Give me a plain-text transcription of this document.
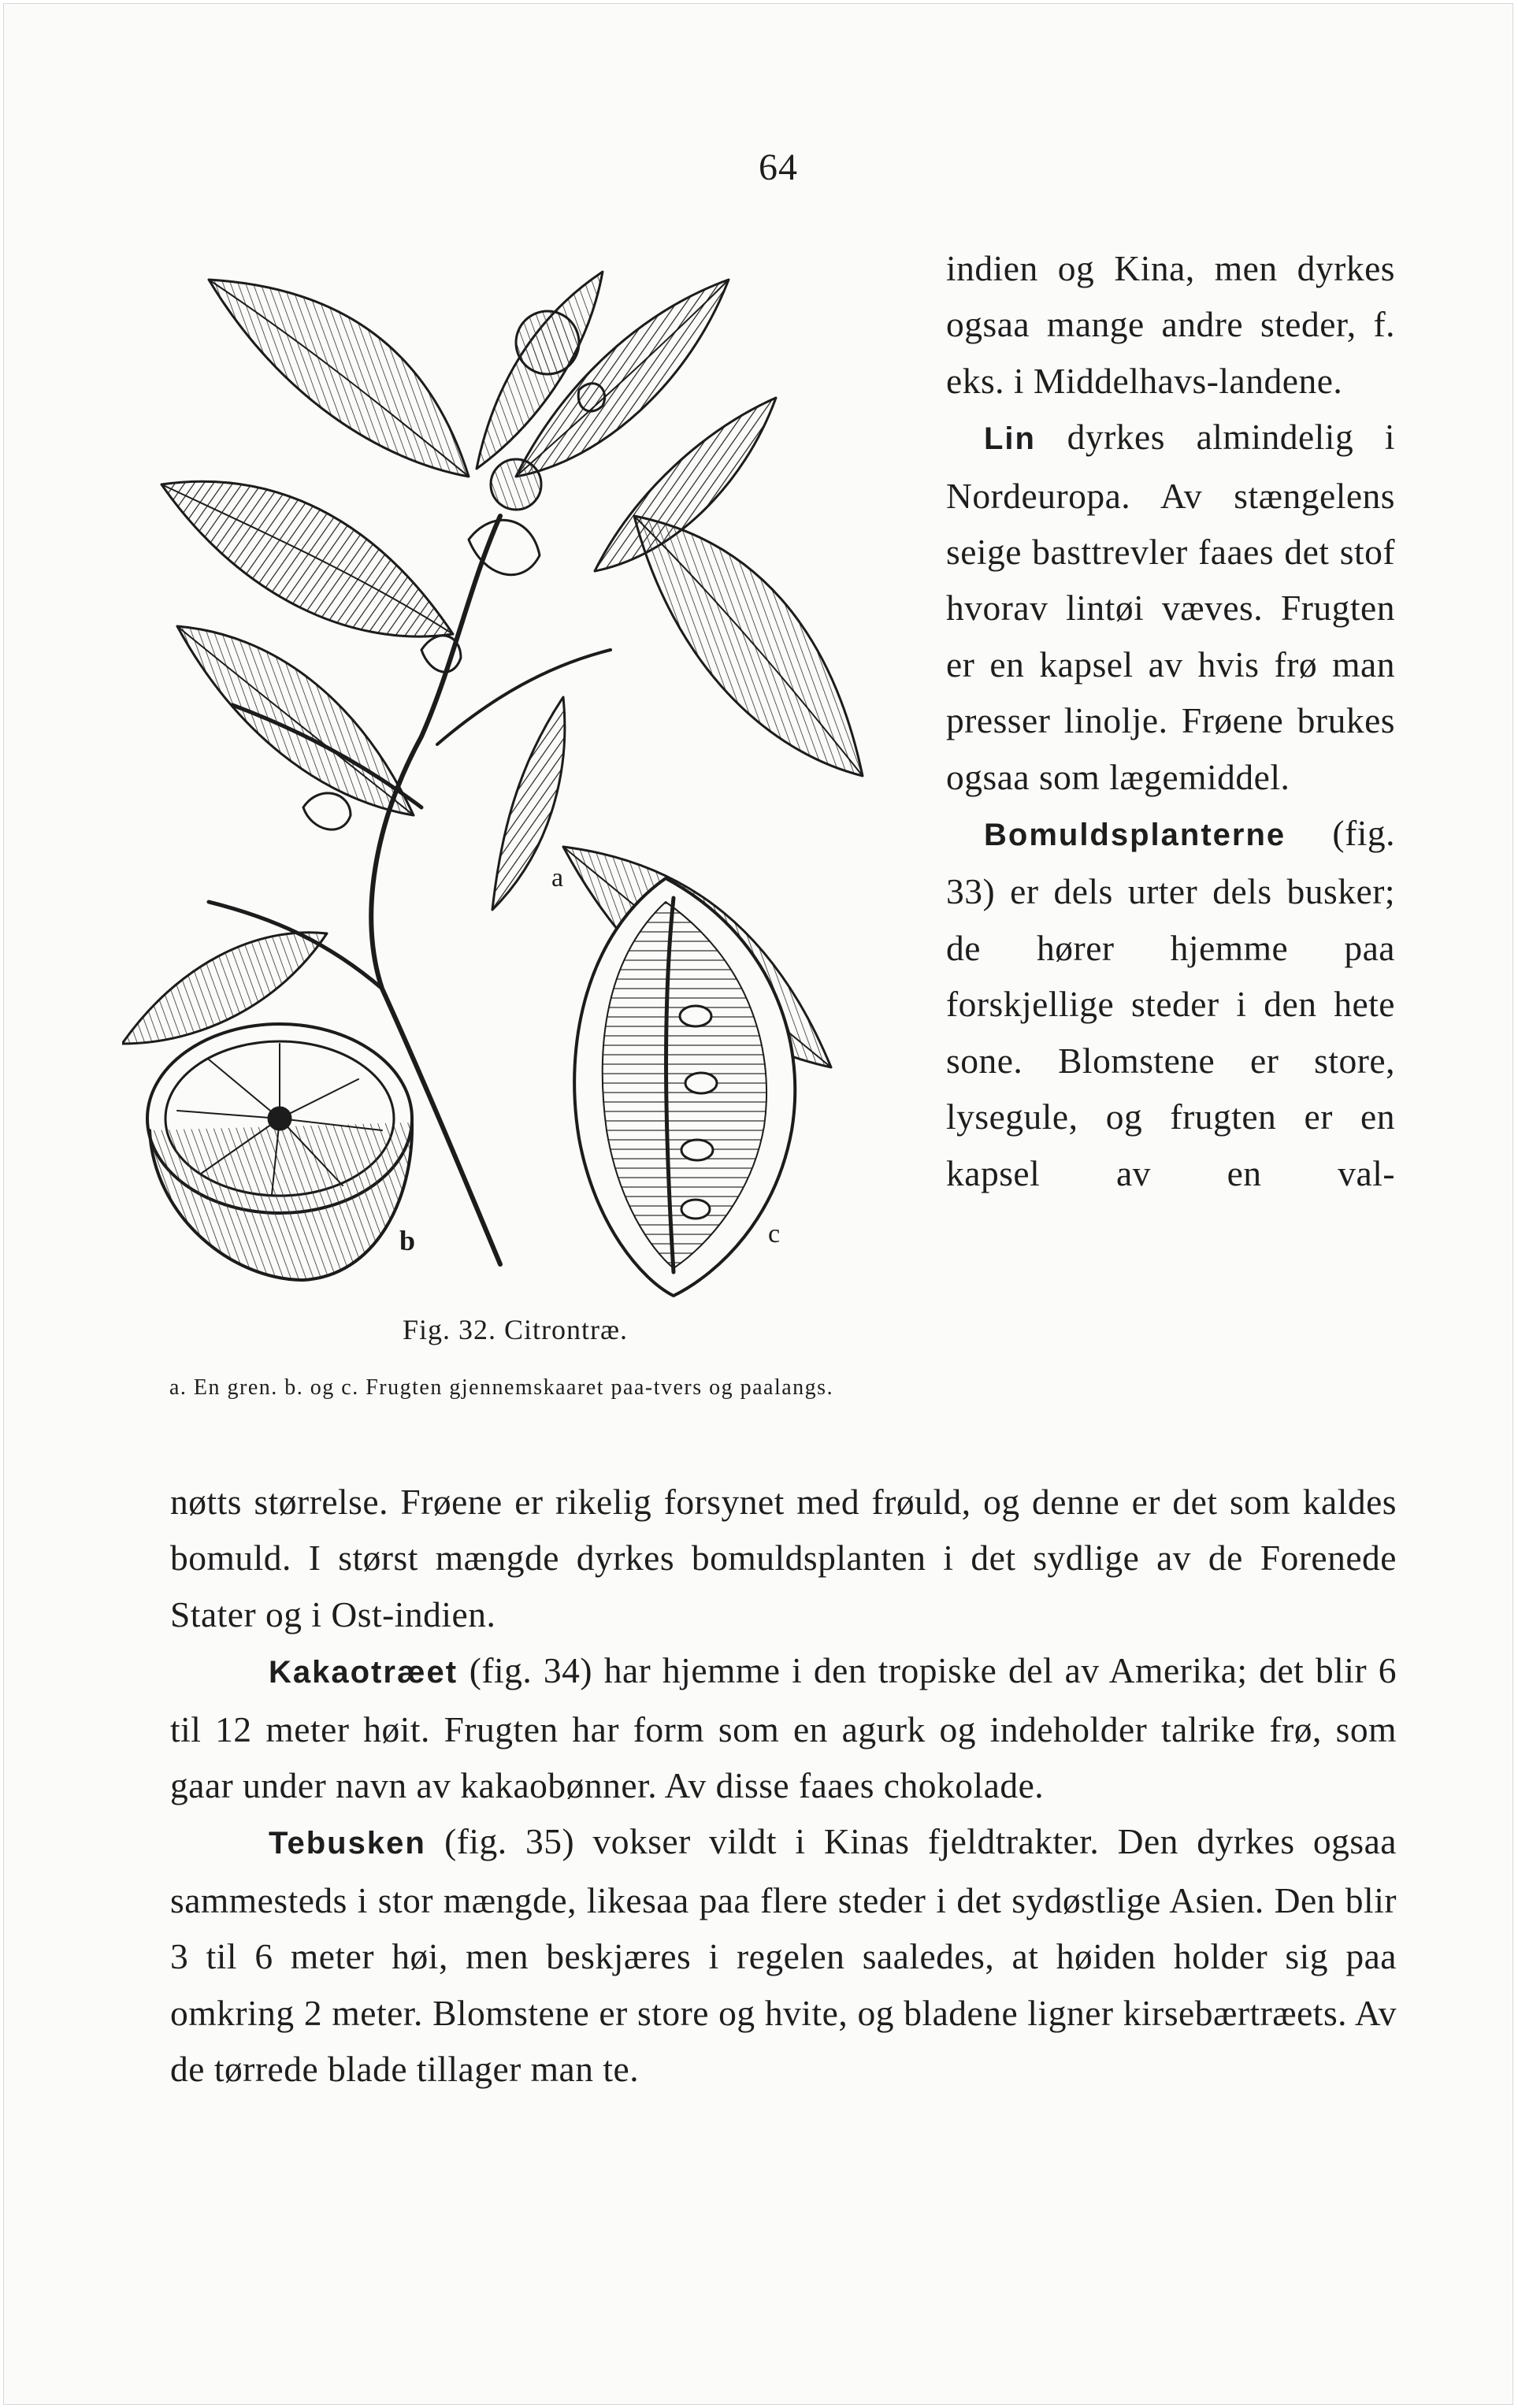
64
a
b	c
Fig. 32. Citrontræ.
a. En gren. b. og c. Frugten gjennemskaaret paa-tvers og paalangs.

indien og Kina, men dyrkes ogsaa mange andre steder, f. eks. i Middelhavs-landene.

Lin dyrkes almindelig i Nordeuropa. Av stængelens seige basttrevler faaes det stof hvorav lintøi væves. Frugten er en kapsel av hvis frø man presser linolje. Frøene brukes ogsaa som lægemiddel.

Bomuldsplanterne (fig. 33) er dels urter dels busker; de hører hjemme paa forskjellige steder i den hete sone. Blomstene er store, lysegule, og frugten er en kapsel av en val-

nøtts størrelse. Frøene er rikelig forsynet med frøuld, og denne er det som kaldes bomuld. I størst mængde dyrkes bomuldsplanten i det sydlige av de Forenede Stater og i Ost-indien.

Kakaotræet (fig. 34) har hjemme i den tropiske del av Amerika; det blir 6 til 12 meter høit. Frugten har form som en agurk og indeholder talrike frø, som gaar under navn av kakaobønner. Av disse faaes chokolade.

Tebusken (fig. 35) vokser vildt i Kinas fjeldtrakter. Den dyrkes ogsaa sammesteds i stor mængde, likesaa paa flere steder i det sydøstlige Asien. Den blir 3 til 6 meter høi, men beskjæres i regelen saaledes, at høiden holder sig paa omkring 2 meter. Blomstene er store og hvite, og bladene ligner kirsebærtræets. Av de tørrede blade tillager man te.
